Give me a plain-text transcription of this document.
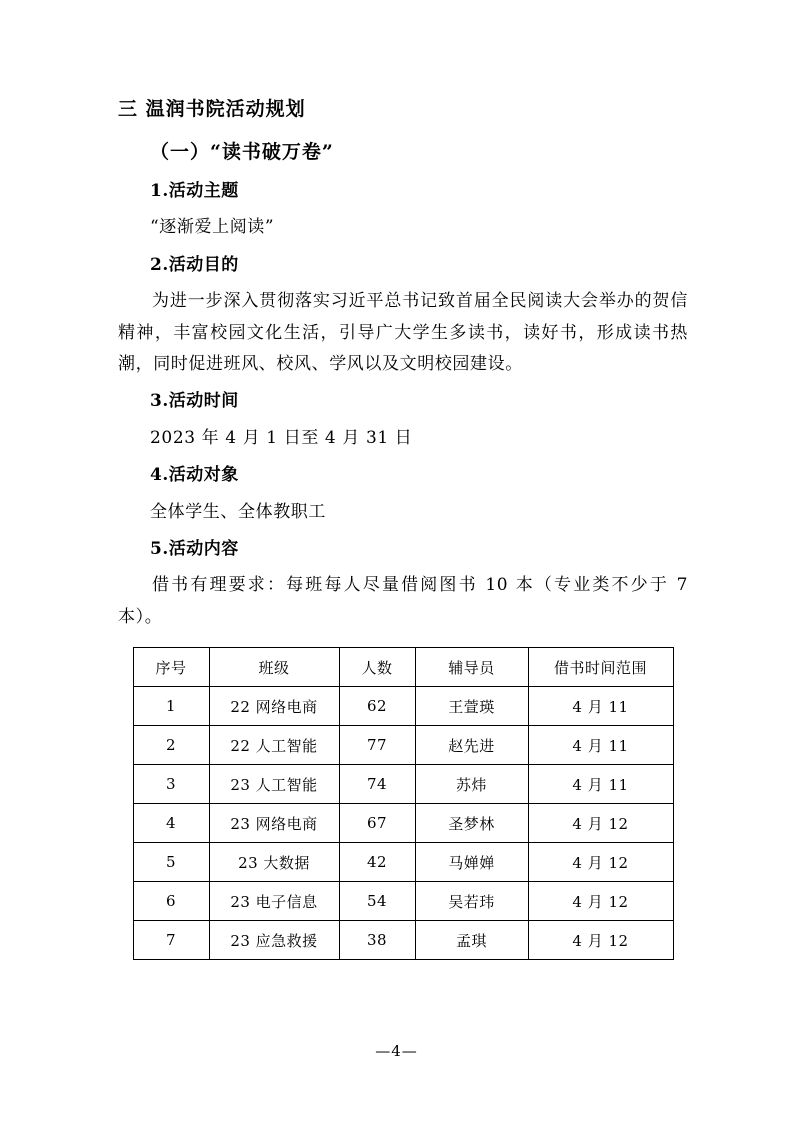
三 温润书院活动规划
（一）“读书破万卷”
1.活动主题

“逐渐爱上阅读”

2.活动目的

为进一步深入贯彻落实习近平总书记致首届全民阅读大会举办的贺信精神，丰富校园文化生活，引导广大学生多读书，读好书，形成读书热潮，同时促进班风、校风、学风以及文明校园建设。

3.活动时间

2023 年 4 月 1 日至 4 月 31 日

4.活动对象

全体学生、全体教职工

5.活动内容

借书有理要求：每班每人尽量借阅图书 10 本（专业类不少于 7 本）。

序号	班级	人数	辅导员	借书时间范围
1	22 网络电商	62	王萱瑛	4 月 11
2	22 人工智能	77	赵先进	4 月 11
3	23 人工智能	74	苏炜	4 月 11
4	23 网络电商	67	圣梦林	4 月 12
5	23 大数据	42	马婵婵	4 月 12
6	23 电子信息	54	吴若玮	4 月 12
7	23 应急救援	38	孟琪	4 月 12
—4—
